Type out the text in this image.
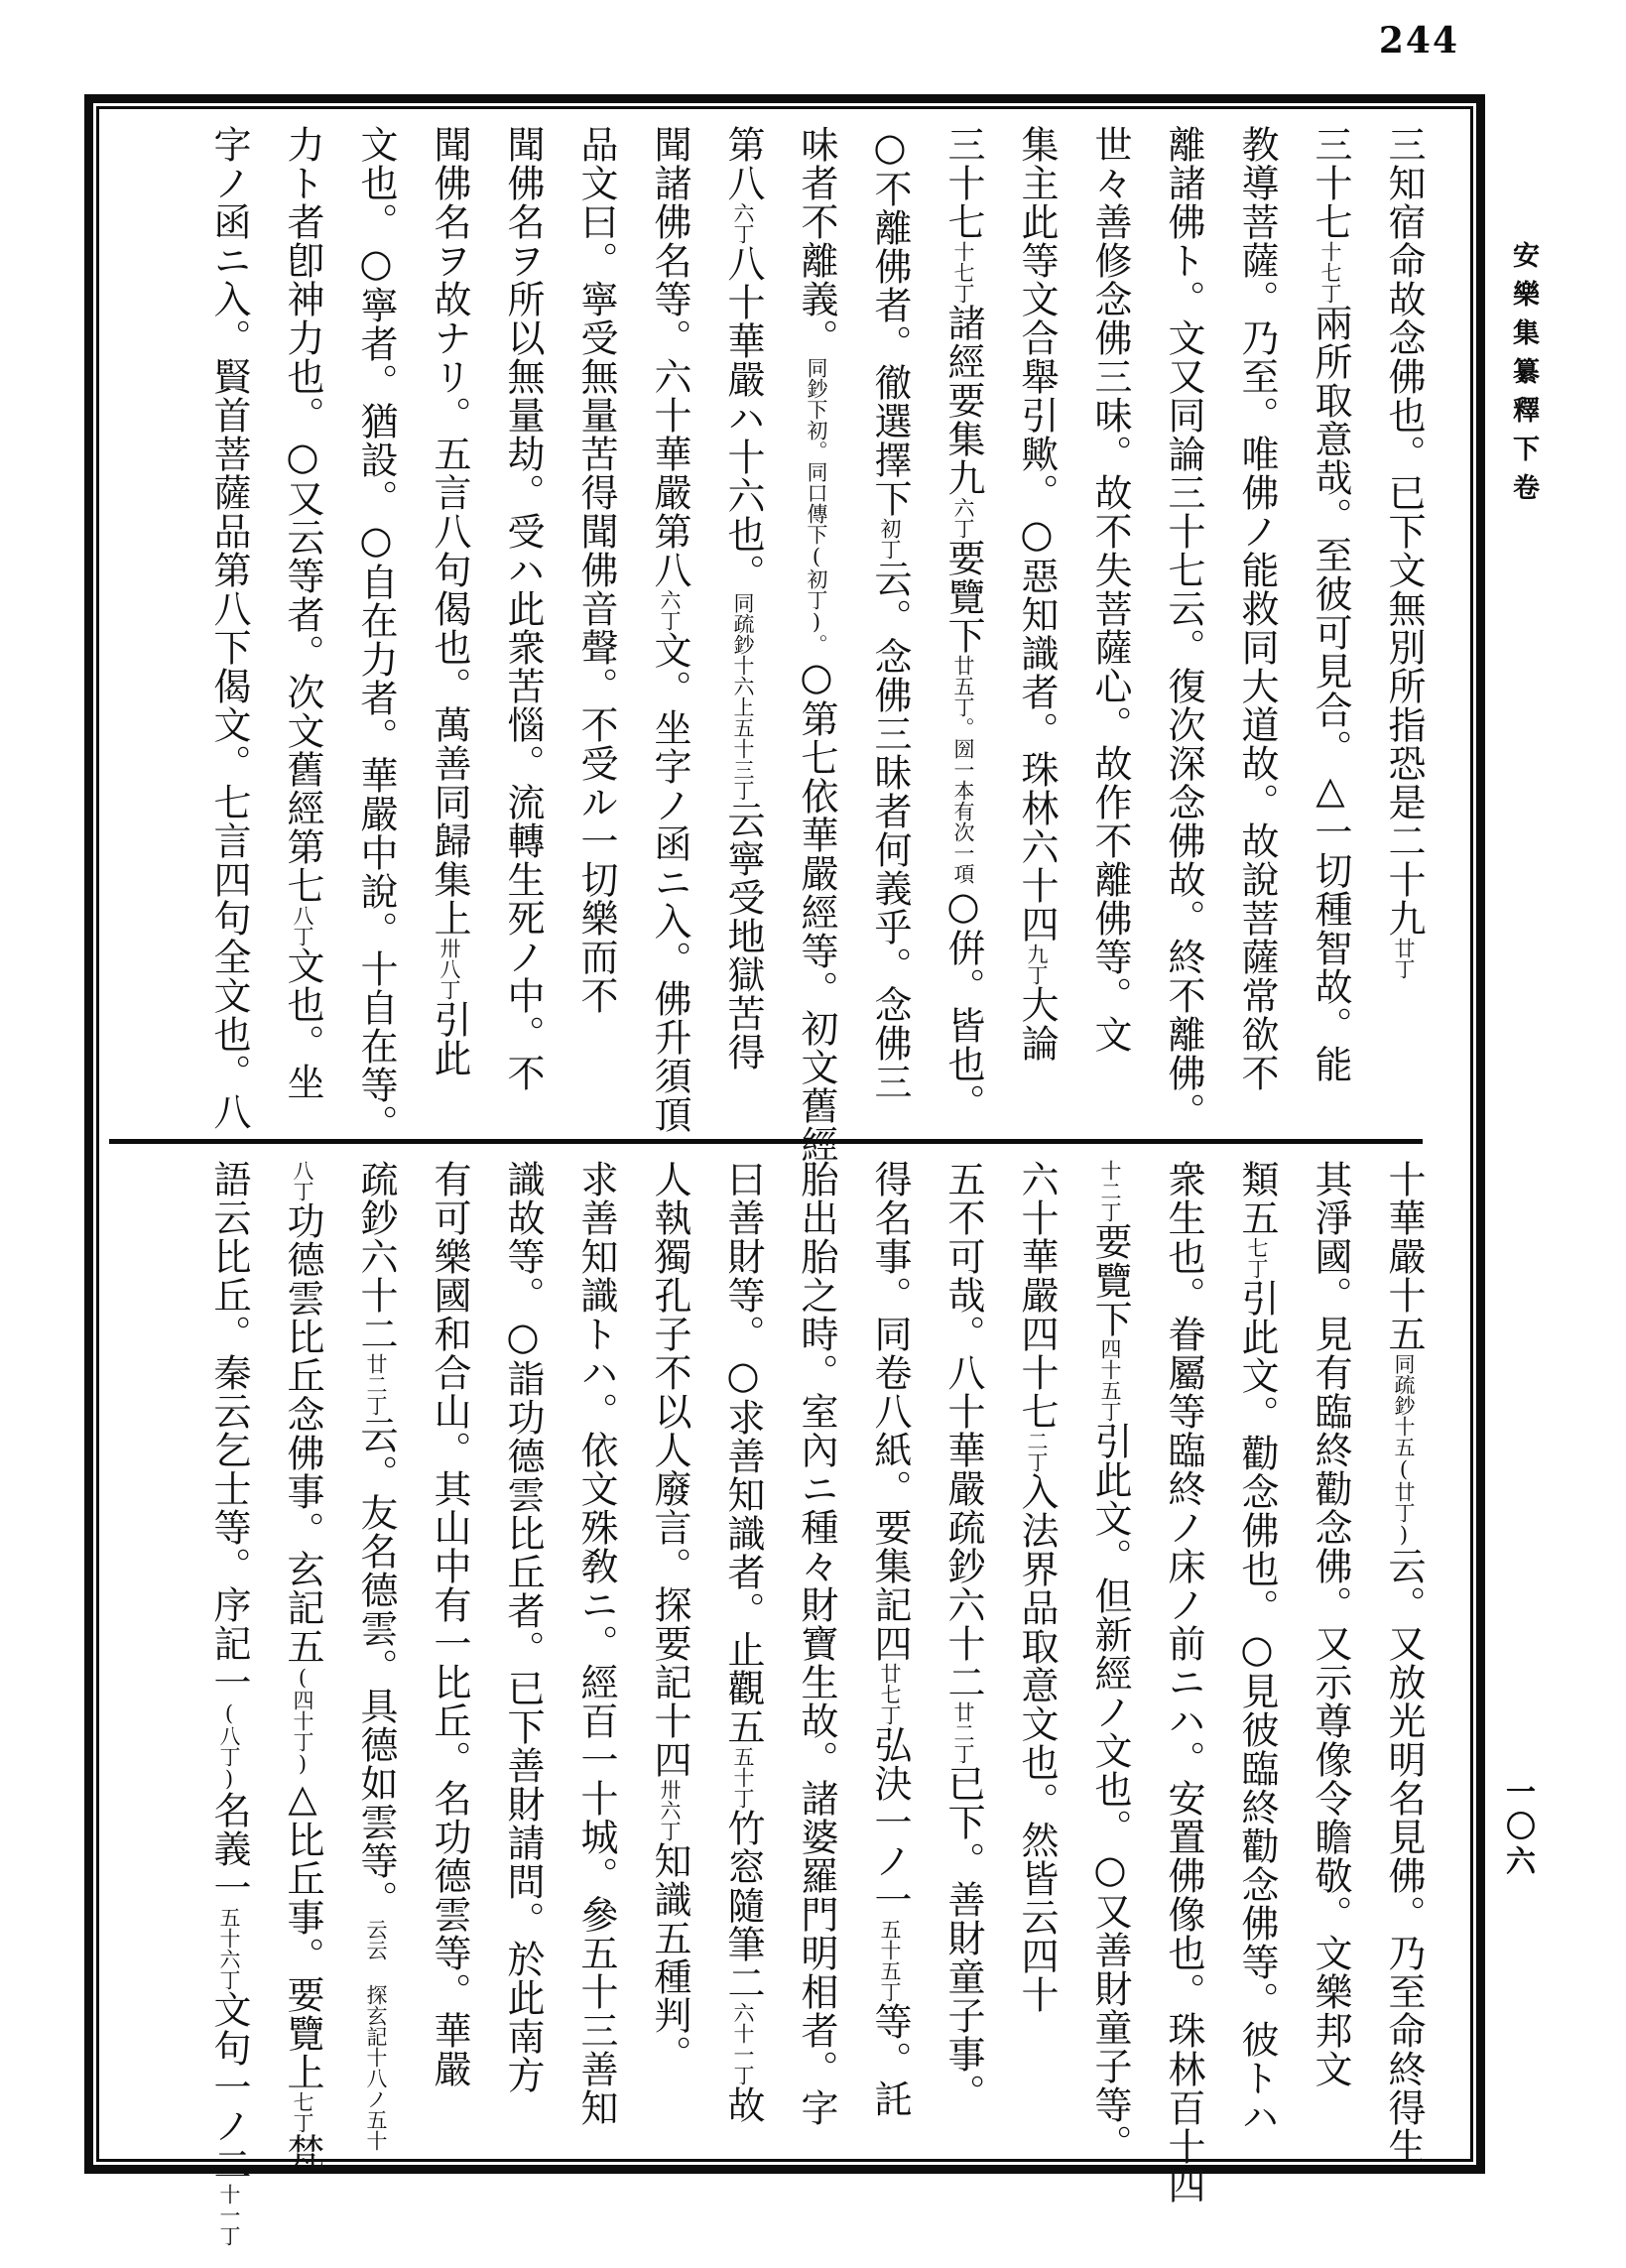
244
三知宿命故念佛也。已下文無別所指恐是二十九廿丁
三十七十七丁兩所取意哉。至彼可見合。△一切種智故。能
教導菩薩。乃至。唯佛ノ能救同大道故。故說菩薩常欲不
離諸佛ト。文又同論三十七云。復次深念佛故。終不離佛。
世々善修念佛三味。故不失菩薩心。故作不離佛等。文
集主此等文合舉引歟。○惡知識者。珠林六十四九丁大論
三十七十七丁諸經要集九六丁要覽下廿五丁。圀一本有次一項○倂。皆也。
○不離佛者。徹選擇下初丁云。念佛三昧者何義乎。念佛三
味者不離義。同鈔下初。同口傳下(初丁)。○第七依華嚴經等。初文舊經
第八六丁八十華嚴ハ十六也。同疏鈔十六上五十三丁云寧受地獄苦得
聞諸佛名等。六十華嚴第八六丁文。坐字ノ函ニ入。佛升須頂
品文曰。寧受無量苦得聞佛音聲。不受ル一切樂而不
聞佛名ヲ所以無量劫。受ハ此衆苦惱。流轉生死ノ中。不
聞佛名ヲ故ナリ。五言八句偈也。萬善同歸集上卅八丁引此
文也。○寧者。猶設。○自在力者。華嚴中說。十自在等。
力ト者卽神力也。○又云等者。次文舊經第七八丁文也。坐
字ノ函ニ入。賢首菩薩品第八下偈文。七言四句全文也。八
十華嚴十五同疏鈔十五(廿丁)云。又放光明名見佛。乃至命終得生
其淨國。見有臨終勸念佛。又示尊像令瞻敬。文樂邦文
類五七丁引此文。勸念佛也。○見彼臨終勸念佛等。彼トハ
衆生也。眷屬等臨終ノ床ノ前ニハ。安置佛像也。珠林百十四
十二丁要覽下四十五丁引此文。但新經ノ文也。○又善財童子等。
六十華嚴四十七二丁入法界品取意文也。然皆云四十
五不可哉。八十華嚴疏鈔六十二廿二丁已下。善財童子事。
得名事。同卷八紙。要集記四廿七丁弘決一ノ一五十五丁等。託
胎出胎之時。室內ニ種々財寶生故。諸婆羅門明相者。字
曰善財等。○求善知識者。止觀五五十丁竹窓隨筆二六十一丁故
人執獨孔子不以人廢言。探要記十四卅六丁知識五種判。
求善知識トハ。依文殊敎ニ。經百一十城。參五十三善知
識故等。○詣功德雲比丘者。已下善財請問。於此南方
有可樂國和合山。其山中有一比丘。名功德雲等。華嚴
疏鈔六十二廿二丁云。友名德雲。具德如雲等。云云 探玄記十八ノ五十
八丁功德雲比丘念佛事。玄記五(四十丁)△比丘事。要覽上七丁梵
語云比丘。秦云乞士等。序記一(八丁)名義一五十六丁文句一ノ二十一丁
安樂集纂釋下卷
一〇六
